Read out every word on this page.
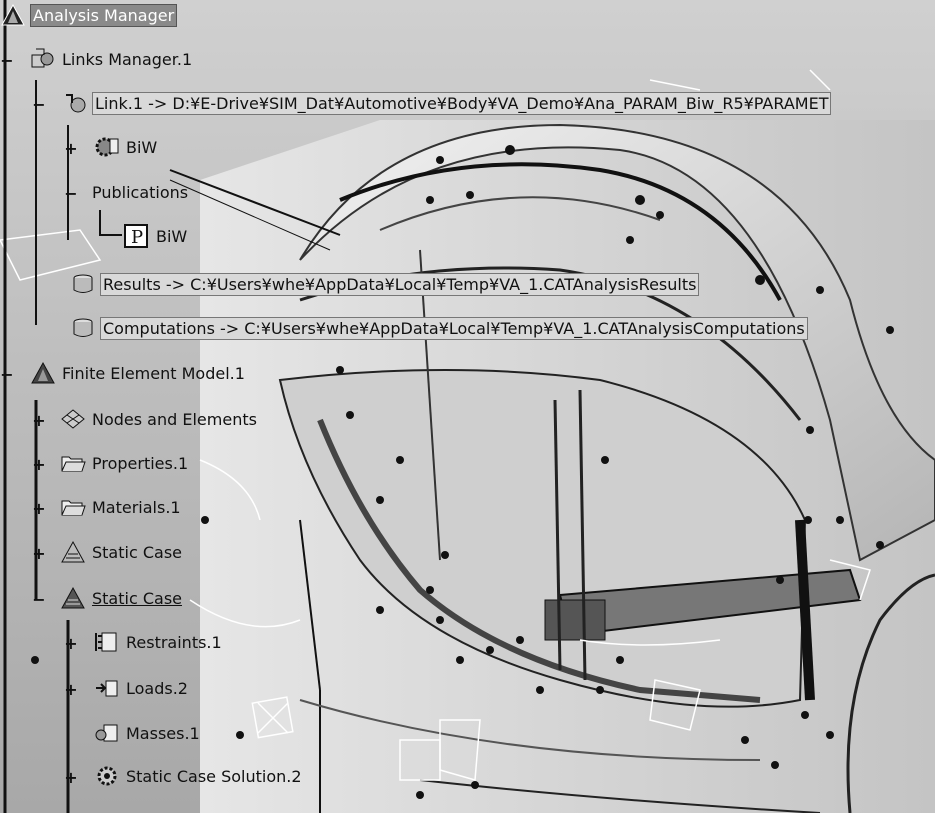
Analysis Manager
−	Links Manager.1
−	Link.1 -> D:¥E-Drive¥SIM_Dat¥Automotive¥Body¥VA_Demo¥Ana_PARAM_Biw_R5¥PARAMET
+	BiW
− Publications
P BiW
Results -> C:¥Users¥whe¥AppData¥Local¥Temp¥VA_1.CATAnalysisResults
Computations -> C:¥Users¥whe¥AppData¥Local¥Temp¥VA_1.CATAnalysisComputations
−	Finite Element Model.1
+	Nodes and Elements
+	Properties.1
+	Materials.1
+	Static Case
−	Static Case
+	Restraints.1
+	Loads.2
Masses.1
+	Static Case Solution.2
